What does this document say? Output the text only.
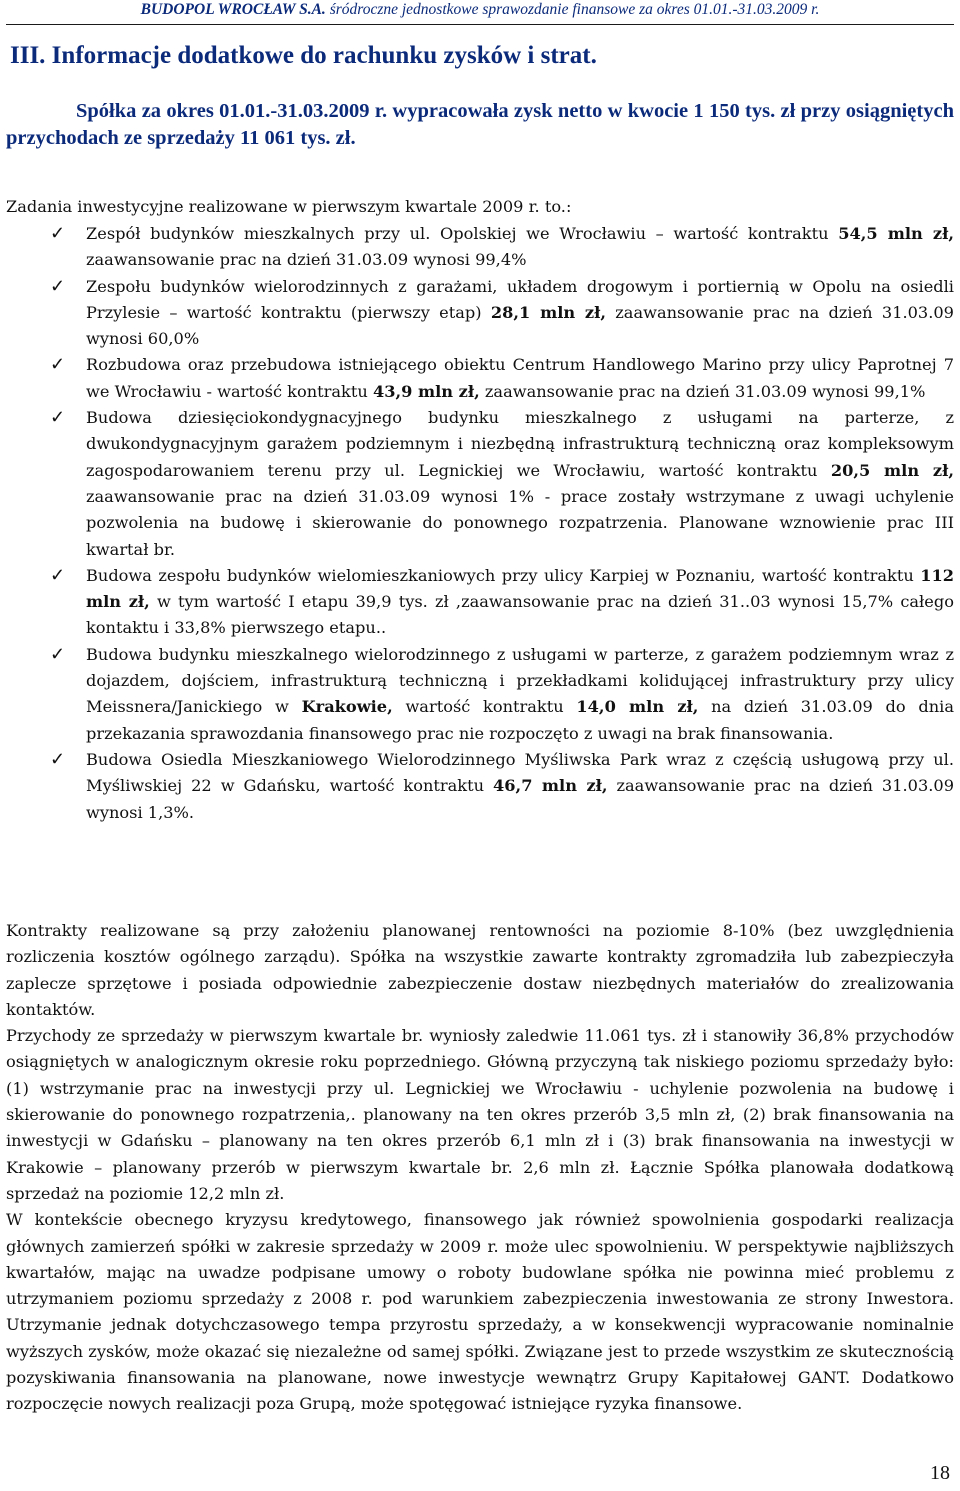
BUDOPOL WROCŁAW S.A. śródroczne jednostkowe sprawozdanie finansowe za okres 01.01.-31.03.2009 r.
III. Informacje dodatkowe do rachunku zysków i strat.

Spółka za okres 01.01.-31.03.2009 r. wypracowała zysk netto w kwocie 1 150 tys. zł przy osiągniętych przychodach ze sprzedaży 11 061 tys. zł.

Zadania inwestycyjne realizowane w pierwszym kwartale 2009 r. to.:

✓ Zespół budynków mieszkalnych przy ul. Opolskiej we Wrocławiu – wartość kontraktu 54,5 mln zł, zaawansowanie prac na dzień 31.03.09 wynosi 99,4%
✓ Zespołu budynków wielorodzinnych z garażami, układem drogowym i portiernią w Opolu na osiedli Przylesie – wartość kontraktu (pierwszy etap) 28,1 mln zł, zaawansowanie prac na dzień 31.03.09 wynosi 60,0%
✓ Rozbudowa oraz przebudowa istniejącego obiektu Centrum Handlowego Marino przy ulicy Paprotnej 7 we Wrocławiu - wartość kontraktu 43,9 mln zł, zaawansowanie prac na dzień 31.03.09 wynosi 99,1%
✓ Budowa dziesięciokondygnacyjnego budynku mieszkalnego z usługami na parterze, z dwukondygnacyjnym garażem podziemnym i niezbędną infrastrukturą techniczną oraz kompleksowym zagospodarowaniem terenu przy ul. Legnickiej we Wrocławiu, wartość kontraktu 20,5 mln zł, zaawansowanie prac na dzień 31.03.09 wynosi 1% - prace zostały wstrzymane z uwagi uchylenie pozwolenia na budowę i skierowanie do ponownego rozpatrzenia. Planowane wznowienie prac III kwartał br.
✓ Budowa zespołu budynków wielomieszkaniowych przy ulicy Karpiej w Poznaniu, wartość kontraktu 112 mln zł, w tym wartość I etapu 39,9 tys. zł ,zaawansowanie prac na dzień 31..03 wynosi 15,7% całego kontaktu i 33,8% pierwszego etapu..
✓ Budowa budynku mieszkalnego wielorodzinnego z usługami w parterze, z garażem podziemnym wraz z dojazdem, dojściem, infrastrukturą techniczną i przekładkami kolidującej infrastruktury przy ulicy Meissnera/Janickiego w Krakowie, wartość kontraktu 14,0 mln zł, na dzień 31.03.09 do dnia przekazania sprawozdania finansowego prac nie rozpoczęto z uwagi na brak finansowania.
✓ Budowa Osiedla Mieszkaniowego Wielorodzinnego Myśliwska Park wraz z częścią usługową przy ul. Myśliwskiej 22 w Gdańsku, wartość kontraktu 46,7 mln zł, zaawansowanie prac na dzień 31.03.09 wynosi 1,3%.

Kontrakty realizowane są przy założeniu planowanej rentowności na poziomie 8-10% (bez uwzględnienia rozliczenia kosztów ogólnego zarządu). Spółka na wszystkie zawarte kontrakty zgromadziła lub zabezpieczyła zaplecze sprzętowe i posiada odpowiednie zabezpieczenie dostaw niezbędnych materiałów do zrealizowania kontaktów.

Przychody ze sprzedaży w pierwszym kwartale br. wyniosły zaledwie 11.061 tys. zł i stanowiły 36,8% przychodów osiągniętych w analogicznym okresie roku poprzedniego. Główną przyczyną tak niskiego poziomu sprzedaży było: (1) wstrzymanie prac na inwestycji przy ul. Legnickiej we Wrocławiu - uchylenie pozwolenia na budowę i skierowanie do ponownego rozpatrzenia,. planowany na ten okres przerób 3,5 mln zł, (2) brak finansowania na inwestycji w Gdańsku – planowany na ten okres przerób 6,1 mln zł i (3) brak finansowania na inwestycji w Krakowie – planowany przerób w pierwszym kwartale br. 2,6 mln zł. Łącznie Spółka planowała dodatkową sprzedaż na poziomie 12,2 mln zł.

W kontekście obecnego kryzysu kredytowego, finansowego jak również spowolnienia gospodarki realizacja głównych zamierzeń spółki w zakresie sprzedaży w 2009 r. może ulec spowolnieniu. W perspektywie najbliższych kwartałów, mając na uwadze podpisane umowy o roboty budowlane spółka nie powinna mieć problemu z utrzymaniem poziomu sprzedaży z 2008 r. pod warunkiem zabezpieczenia inwestowania ze strony Inwestora. Utrzymanie jednak dotychczasowego tempa przyrostu sprzedaży, a w konsekwencji wypracowanie nominalnie wyższych zysków, może okazać się niezależne od samej spółki. Związane jest to przede wszystkim ze skutecznością pozyskiwania finansowania na planowane, nowe inwestycje wewnątrz Grupy Kapitałowej GANT. Dodatkowo rozpoczęcie nowych realizacji poza Grupą, może spotęgować istniejące ryzyka finansowe.

18
